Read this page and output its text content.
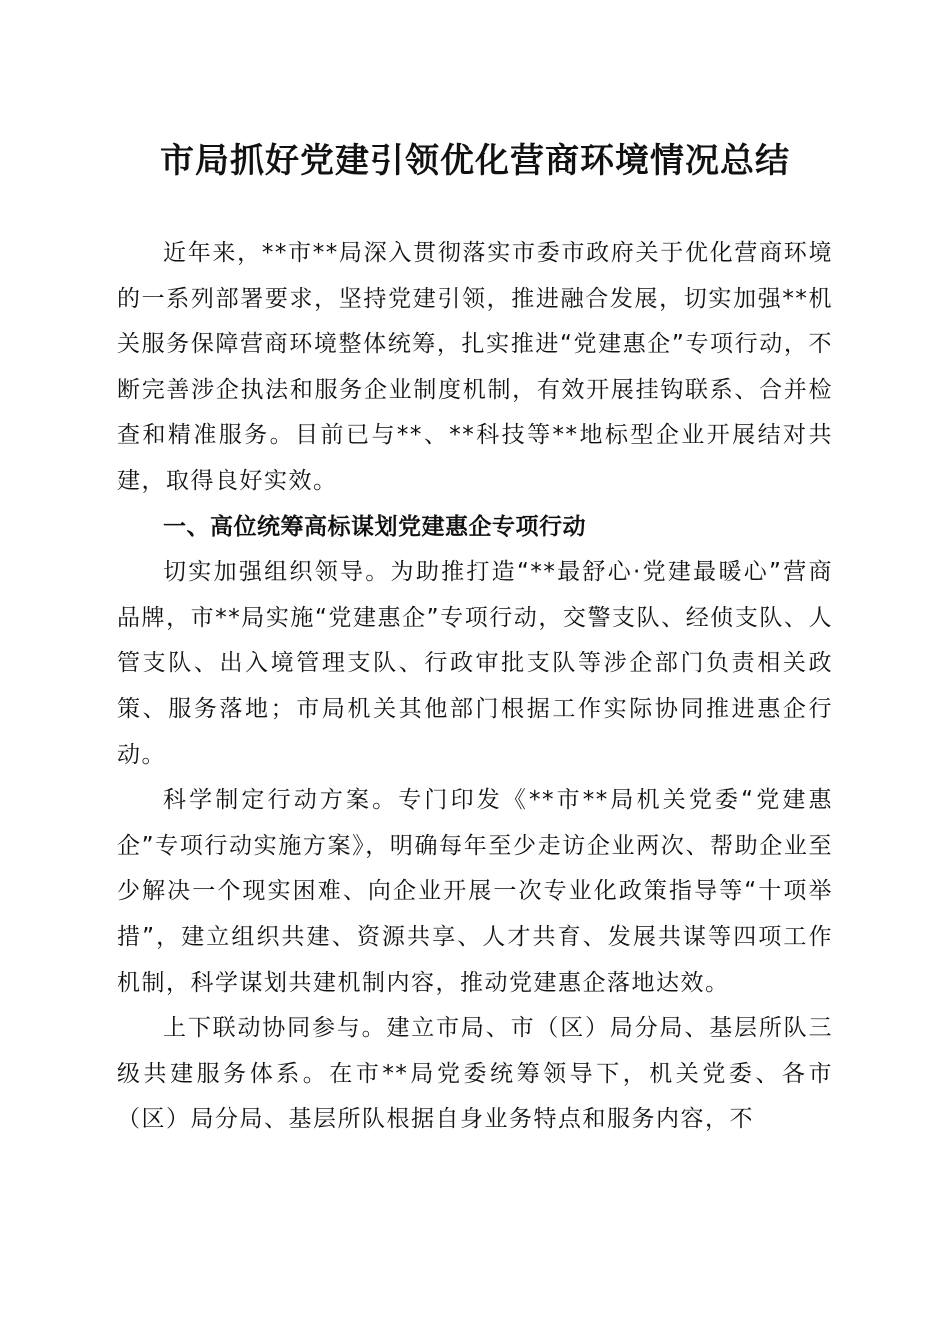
市局抓好党建引领优化营商环境情况总结

近年来，**市**局深入贯彻落实市委市政府关于优化营商环境的一系列部署要求，坚持党建引领，推进融合发展，切实加强**机关服务保障营商环境整体统筹，扎实推进“党建惠企”专项行动，不断完善涉企执法和服务企业制度机制，有效开展挂钩联系、合并检查和精准服务。目前已与**、**科技等**地标型企业开展结对共建，取得良好实效。

一、高位统筹高标谋划党建惠企专项行动

切实加强组织领导。为助推打造“**最舒心·党建最暖心”营商品牌，市**局实施“党建惠企”专项行动，交警支队、经侦支队、人管支队、出入境管理支队、行政审批支队等涉企部门负责相关政策、服务落地；市局机关其他部门根据工作实际协同推进惠企行动。

科学制定行动方案。专门印发《**市**局机关党委“党建惠企”专项行动实施方案》，明确每年至少走访企业两次、帮助企业至少解决一个现实困难、向企业开展一次专业化政策指导等“十项举措”，建立组织共建、资源共享、人才共育、发展共谋等四项工作机制，科学谋划共建机制内容，推动党建惠企落地达效。

上下联动协同参与。建立市局、市（区）局分局、基层所队三级共建服务体系。在市**局党委统筹领导下，机关党委、各市（区）局分局、基层所队根据自身业务特点和服务内容，不
